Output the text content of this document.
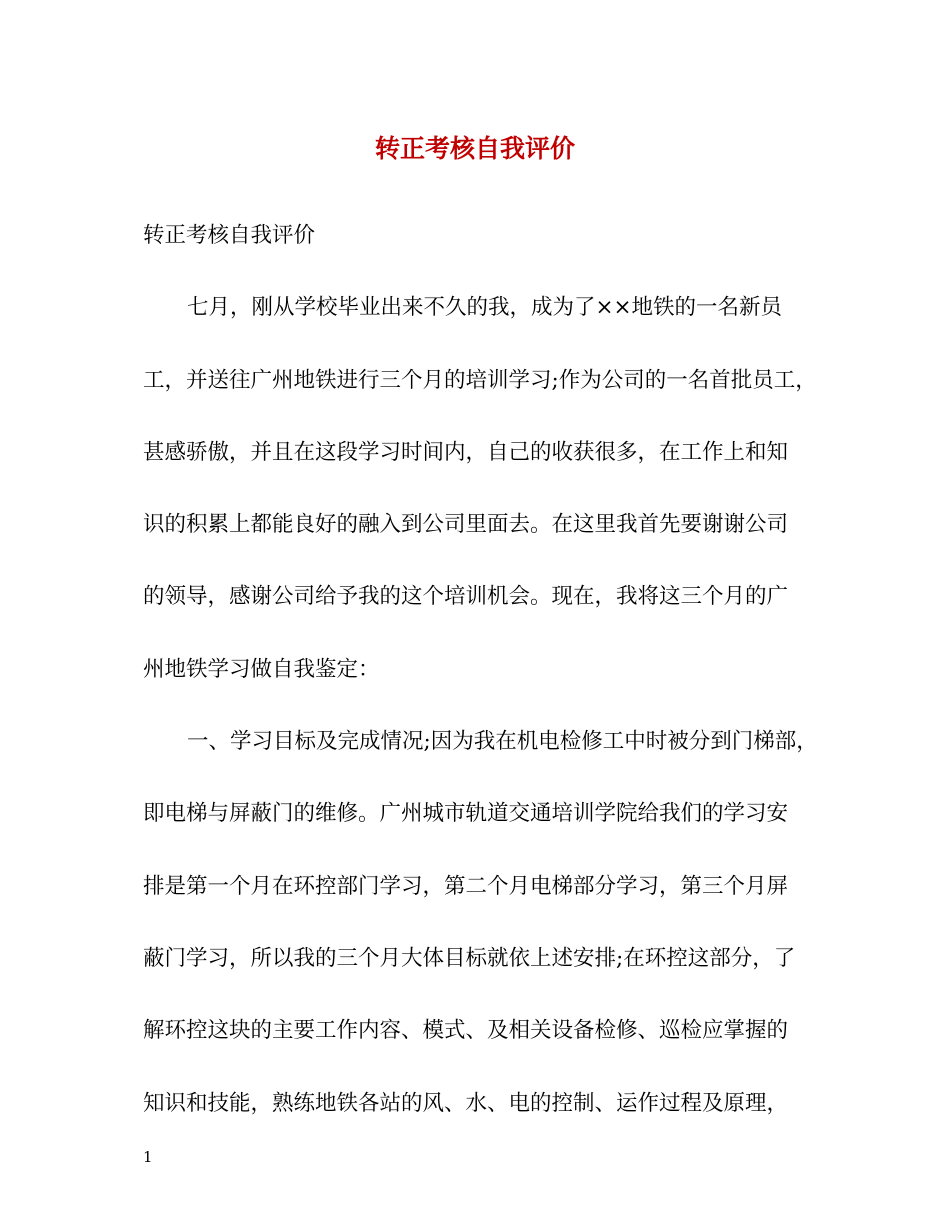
转正考核自我评价
转正考核自我评价
七月，刚从学校毕业出来不久的我，成为了××地铁的一名新员
工，并送往广州地铁进行三个月的培训学习;作为公司的一名首批员工，
甚感骄傲，并且在这段学习时间内，自己的收获很多，在工作上和知
识的积累上都能良好的融入到公司里面去。在这里我首先要谢谢公司
的领导，感谢公司给予我的这个培训机会。现在，我将这三个月的广
州地铁学习做自我鉴定：
一、学习目标及完成情况;因为我在机电检修工中时被分到门梯部，
即电梯与屏蔽门的维修。广州城市轨道交通培训学院给我们的学习安
排是第一个月在环控部门学习，第二个月电梯部分学习，第三个月屏
蔽门学习，所以我的三个月大体目标就依上述安排;在环控这部分，了
解环控这块的主要工作内容、模式、及相关设备检修、巡检应掌握的
知识和技能，熟练地铁各站的风、水、电的控制、运作过程及原理，
1
